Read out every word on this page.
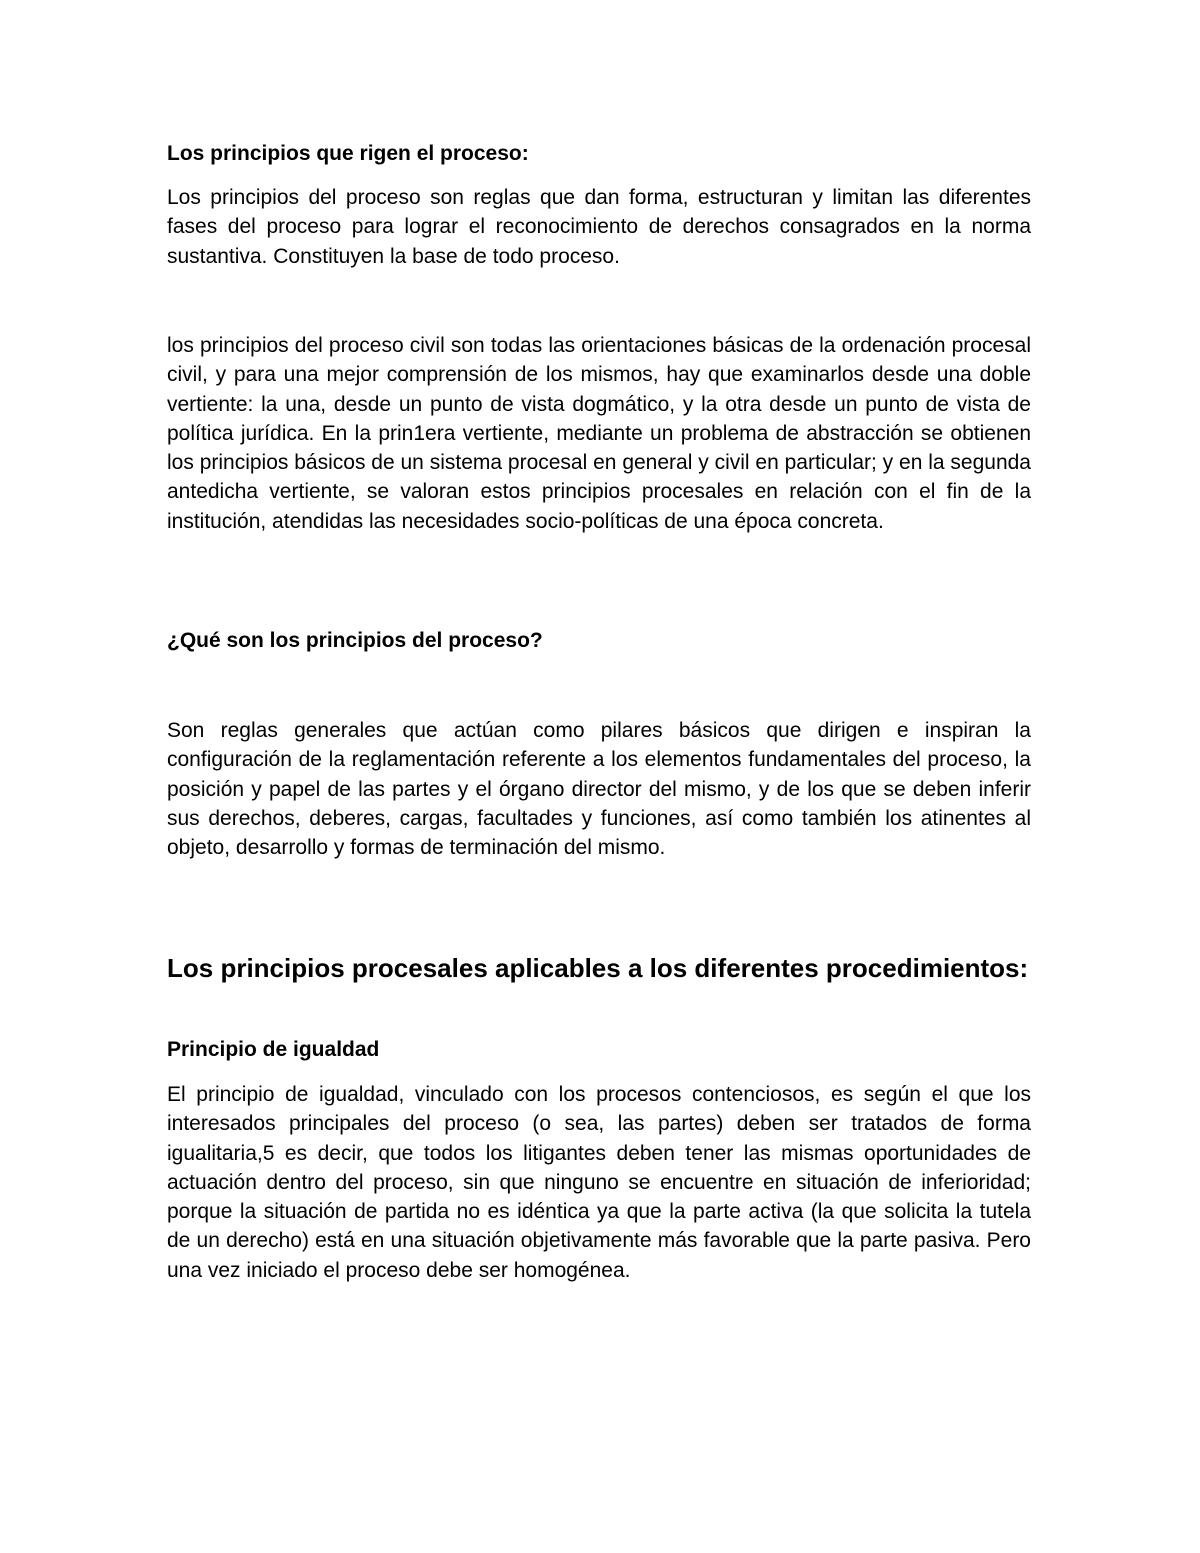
Los principios que rigen el proceso:

Los principios del proceso son reglas que dan forma, estructuran y limitan las diferentes fases del proceso para lograr el reconocimiento de derechos consagrados en la norma sustantiva. Constituyen la base de todo proceso.

los principios del proceso civil son todas las orientaciones básicas de la ordenación procesal civil, y para una mejor comprensión de los mismos, hay que examinarlos desde una doble vertiente: la una, desde un punto de vista dogmático, y la otra desde un punto de vista de política jurídica. En la prin1era vertiente, mediante un problema de abstracción se obtienen los principios básicos de un sistema procesal en general y civil en particular; y en la segunda antedicha vertiente, se valoran estos principios procesales en relación con el fin de la institución, atendidas las necesidades socio-políticas de una época concreta.

¿Qué son los principios del proceso?

Son reglas generales que actúan como pilares básicos que dirigen e inspiran la configuración de la reglamentación referente a los elementos fundamentales del proceso, la posición y papel de las partes y el órgano director del mismo, y de los que se deben inferir sus derechos, deberes, cargas, facultades y funciones, así como también los atinentes al objeto, desarrollo y formas de terminación del mismo.

Los principios procesales aplicables a los diferentes procedimientos:
Principio de igualdad

El principio de igualdad, vinculado con los procesos contenciosos, es según el que los interesados principales del proceso (o sea, las partes) deben ser tratados de forma igualitaria,5 es decir, que todos los litigantes deben tener las mismas oportunidades de actuación dentro del proceso, sin que ninguno se encuentre en situación de inferioridad; porque la situación de partida no es idéntica ya que la parte activa (la que solicita la tutela de un derecho) está en una situación objetivamente más favorable que la parte pasiva. Pero una vez iniciado el proceso debe ser homogénea.
